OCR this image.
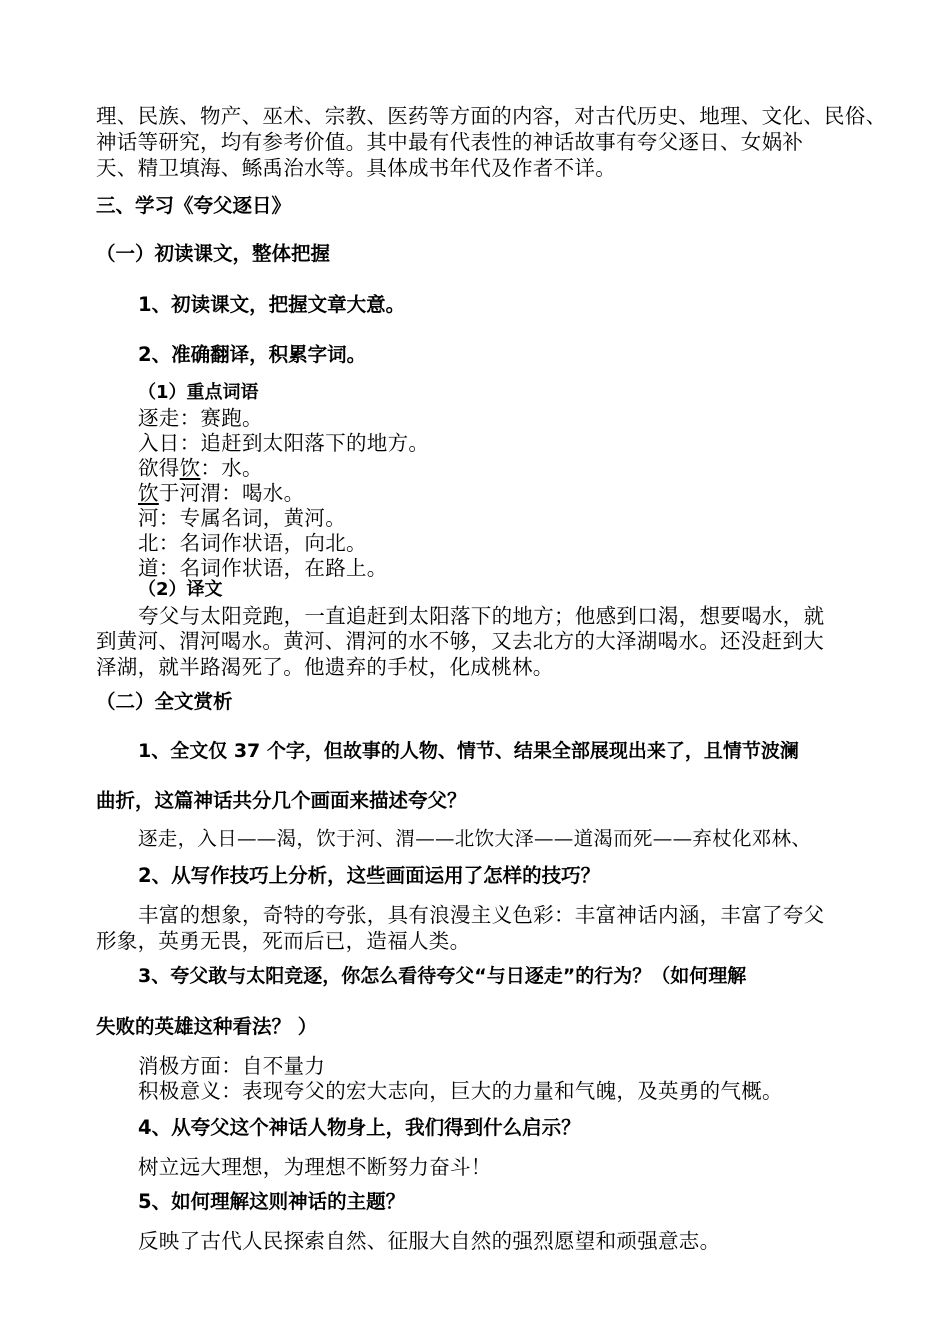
理、民族、物产、巫术、宗教、医药等方面的内容，对古代历史、地理、文化、民俗、
神话等研究，均有参考价值。其中最有代表性的神话故事有夸父逐日、女娲补
天、精卫填海、鲧禹治水等。具体成书年代及作者不详。
三、学习《夸父逐日》
（一）初读课文，整体把握
1、初读课文，把握文章大意。
2、准确翻译，积累字词。
（1）重点词语
逐走：赛跑。
入日：追赶到太阳落下的地方。
欲得饮：水。
饮于河渭：喝水。
河：专属名词，黄河。
北：名词作状语，向北。
道：名词作状语，在路上。
（2）译文
夸父与太阳竞跑，一直追赶到太阳落下的地方；他感到口渴，想要喝水，就
到黄河、渭河喝水。黄河、渭河的水不够，又去北方的大泽湖喝水。还没赶到大
泽湖，就半路渴死了。他遗弃的手杖，化成桃林。
（二）全文赏析
1、全文仅 37 个字，但故事的人物、情节、结果全部展现出来了，且情节波澜
曲折，这篇神话共分几个画面来描述夸父？
逐走，入日——渴，饮于河、渭——北饮大泽——道渴而死——弃杖化邓林、
2、从写作技巧上分析，这些画面运用了怎样的技巧？
丰富的想象，奇特的夸张，具有浪漫主义色彩：丰富神话内涵，丰富了夸父
形象，英勇无畏，死而后已，造福人类。
3、夸父敢与太阳竞逐，你怎么看待夸父“与日逐走”的行为？（如何理解
失败的英雄这种看法？ ）
消极方面：自不量力
积极意义：表现夸父的宏大志向，巨大的力量和气魄，及英勇的气概。
4、从夸父这个神话人物身上，我们得到什么启示？
树立远大理想，为理想不断努力奋斗！
5、如何理解这则神话的主题？
反映了古代人民探索自然、征服大自然的强烈愿望和顽强意志。
